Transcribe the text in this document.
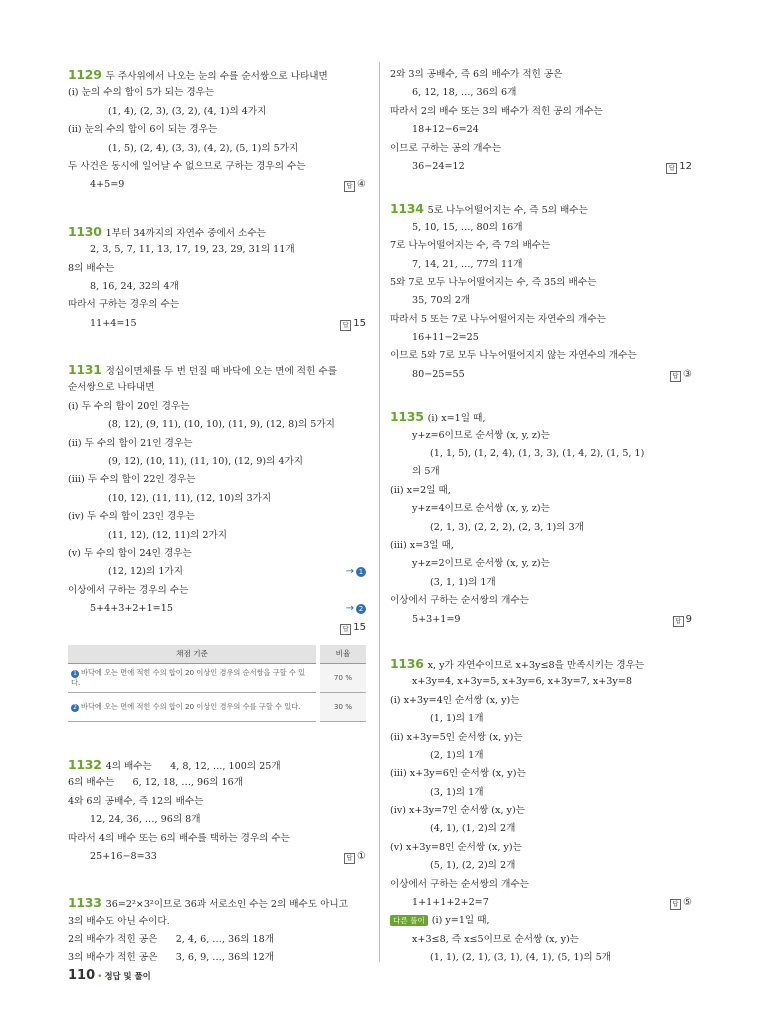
1129 두 주사위에서 나오는 눈의 수를 순서쌍으로 나타내면
(ⅰ) 눈의 수의 합이 5가 되는 경우는
(1, 4), (2, 3), (3, 2), (4, 1)의 4가지
(ⅱ) 눈의 수의 합이 6이 되는 경우는
(1, 5), (2, 4), (3, 3), (4, 2), (5, 1)의 5가지
두 사건은 동시에 일어날 수 없으므로 구하는 경우의 수는
4+5=9	답 ④
1130 1부터 34까지의 자연수 중에서 소수는
2, 3, 5, 7, 11, 13, 17, 19, 23, 29, 31의 11개
8의 배수는
8, 16, 24, 32의 4개
따라서 구하는 경우의 수는
11+4=15	답 15
1131 정십이면체를 두 번 던질 때 바닥에 오는 면에 적힌 수를
순서쌍으로 나타내면
(ⅰ) 두 수의 합이 20인 경우는
(8, 12), (9, 11), (10, 10), (11, 9), (12, 8)의 5가지
(ⅱ) 두 수의 합이 21인 경우는
(9, 12), (10, 11), (11, 10), (12, 9)의 4가지
(ⅲ) 두 수의 합이 22인 경우는
(10, 12), (11, 11), (12, 10)의 3가지
(ⅳ) 두 수의 합이 23인 경우는
(11, 12), (12, 11)의 2가지
(ⅴ) 두 수의 합이 24인 경우는
(12, 12)의 1가지	→ 1
이상에서 구하는 경우의 수는
5+4+3+2+1=15	→ 2
답 15
채점 기준	비율
1 바닥에 오는 면에 적힌 수의 합이 20 이상인 경우의 순서쌍을 구할 수 있다.	70 %
2 바닥에 오는 면에 적힌 수의 합이 20 이상인 경우의 수를 구할 수 있다.	30 %
1132 4의 배수는      4, 8, 12, …, 100의 25개
6의 배수는      6, 12, 18, …, 96의 16개
4와 6의 공배수, 즉 12의 배수는
12, 24, 36, …, 96의 8개
따라서 4의 배수 또는 6의 배수를 택하는 경우의 수는
25+16−8=33	답 ①
1133 36=2²×3²이므로 36과 서로소인 수는 2의 배수도 아니고
3의 배수도 아닌 수이다.
2의 배수가 적힌 공은      2, 4, 6, …, 36의 18개
3의 배수가 적힌 공은      3, 6, 9, …, 36의 12개
2와 3의 공배수, 즉 6의 배수가 적힌 공은
6, 12, 18, …, 36의 6개
따라서 2의 배수 또는 3의 배수가 적힌 공의 개수는
18+12−6=24
이므로 구하는 공의 개수는
36−24=12	답 12
1134 5로 나누어떨어지는 수, 즉 5의 배수는
5, 10, 15, …, 80의 16개
7로 나누어떨어지는 수, 즉 7의 배수는
7, 14, 21, …, 77의 11개
5와 7로 모두 나누어떨어지는 수, 즉 35의 배수는
35, 70의 2개
따라서 5 또는 7로 나누어떨어지는 자연수의 개수는
16+11−2=25
이므로 5와 7로 모두 나누어떨어지지 않는 자연수의 개수는
80−25=55	답 ③
1135 (ⅰ) x=1일 때,
y+z=6이므로 순서쌍 (x, y, z)는
(1, 1, 5), (1, 2, 4), (1, 3, 3), (1, 4, 2), (1, 5, 1)
의 5개
(ⅱ) x=2일 때,
y+z=4이므로 순서쌍 (x, y, z)는
(2, 1, 3), (2, 2, 2), (2, 3, 1)의 3개
(ⅲ) x=3일 때,
y+z=2이므로 순서쌍 (x, y, z)는
(3, 1, 1)의 1개
이상에서 구하는 순서쌍의 개수는
5+3+1=9	답 9
1136 x, y가 자연수이므로 x+3y≤8을 만족시키는 경우는
x+3y=4, x+3y=5, x+3y=6, x+3y=7, x+3y=8
(ⅰ) x+3y=4인 순서쌍 (x, y)는
(1, 1)의 1개
(ⅱ) x+3y=5인 순서쌍 (x, y)는
(2, 1)의 1개
(ⅲ) x+3y=6인 순서쌍 (x, y)는
(3, 1)의 1개
(ⅳ) x+3y=7인 순서쌍 (x, y)는
(4, 1), (1, 2)의 2개
(ⅴ) x+3y=8인 순서쌍 (x, y)는
(5, 1), (2, 2)의 2개
이상에서 구하는 순서쌍의 개수는
1+1+1+2+2=7	답 ⑤
다른 풀이 (ⅰ) y=1일 때,
x+3≤8, 즉 x≤5이므로 순서쌍 (x, y)는
(1, 1), (2, 1), (3, 1), (4, 1), (5, 1)의 5개
110 • 정답 및 풀이
